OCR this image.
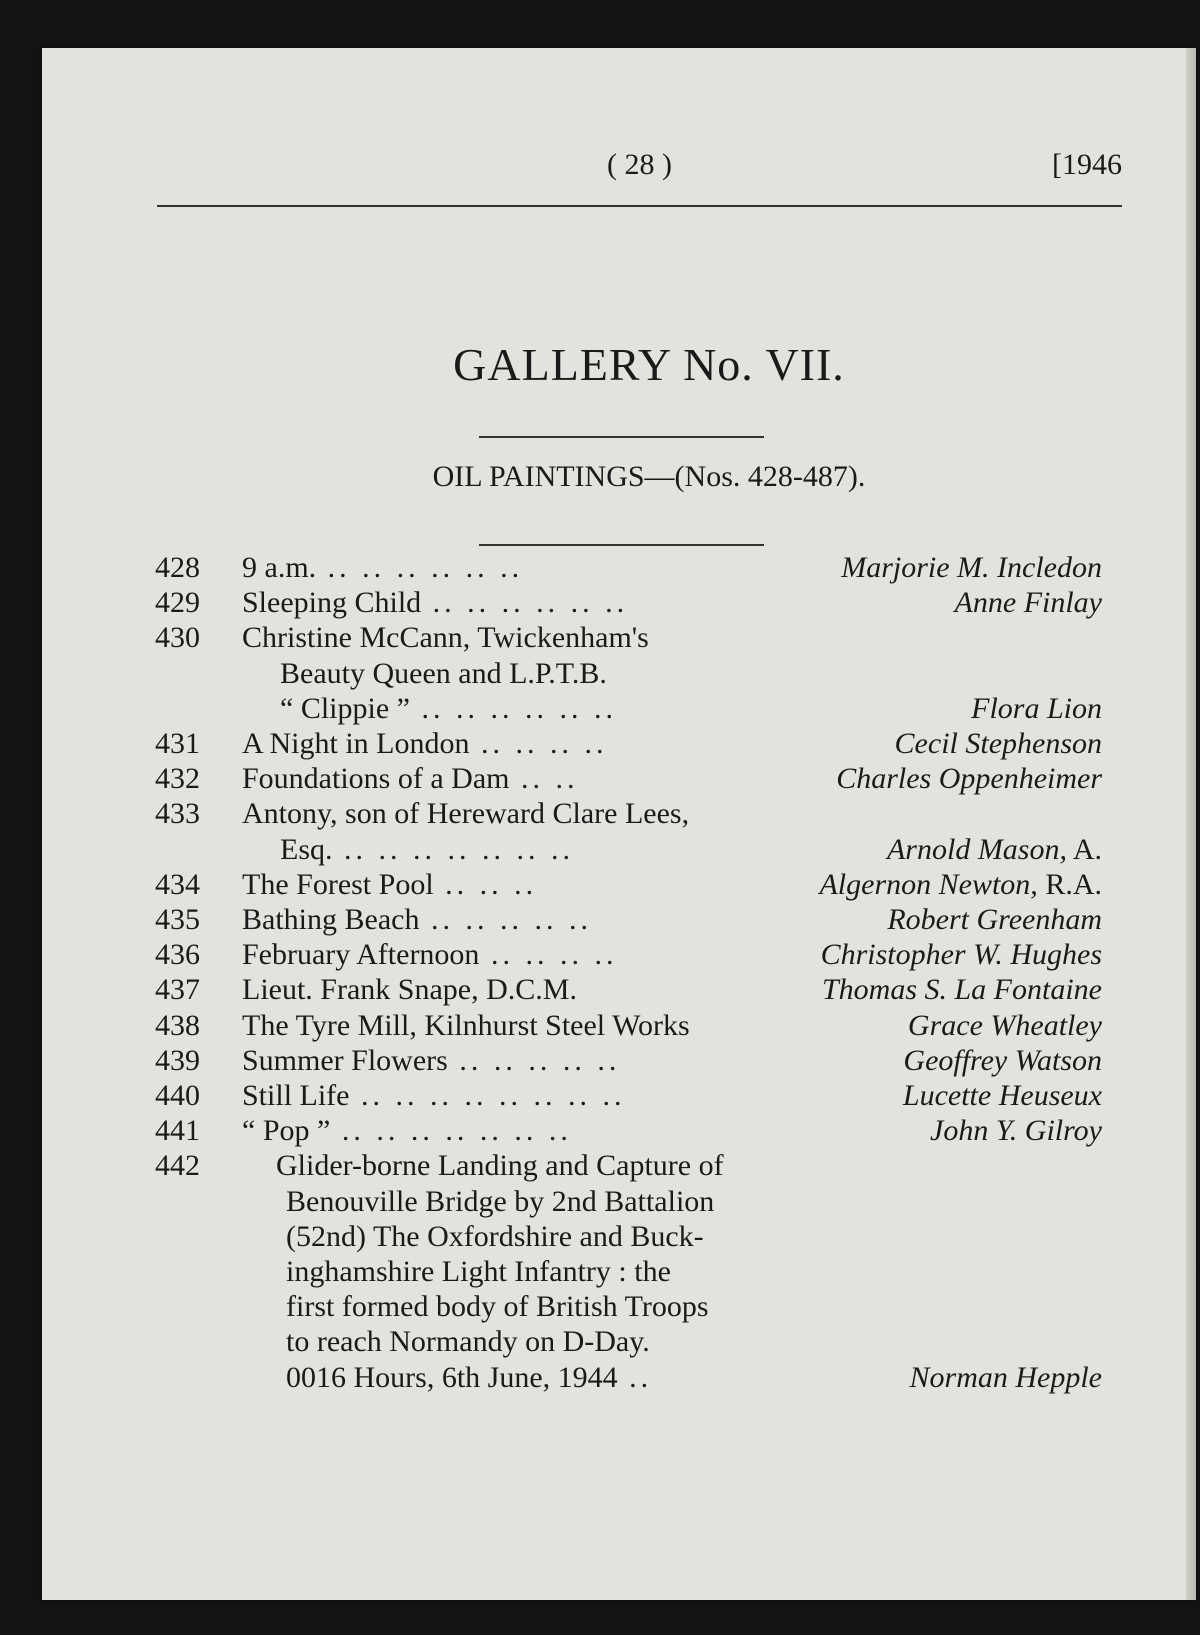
( 28 )	[1946
GALLERY No. VII.
OIL PAINTINGS—(Nos. 428-487).
428 9 a.m. .. .. .. .. .. ..	Marjorie M. Incledon
429 Sleeping Child .. .. .. .. .. ..	Anne Finlay
430 Christine McCann, Twickenham's
Beauty Queen and L.P.T.B.
“ Clippie ” .. .. .. .. .. ..	Flora Lion
431 A Night in London .. .. .. ..	Cecil Stephenson
432 Foundations of a Dam .. ..	Charles Oppenheimer
433 Antony, son of Hereward Clare Lees,
Esq. .. .. .. .. .. .. ..	Arnold Mason, A.
434 The Forest Pool .. .. ..	Algernon Newton, R.A.
435 Bathing Beach .. .. .. .. ..	Robert Greenham
436 February Afternoon .. .. .. ..	Christopher W. Hughes
437 Lieut. Frank Snape, D.C.M.	Thomas S. La Fontaine
438 The Tyre Mill, Kilnhurst Steel Works	Grace Wheatley
439 Summer Flowers .. .. .. .. ..	Geoffrey Watson
440 Still Life .. .. .. .. .. .. .. ..	Lucette Heuseux
441 “ Pop ” .. .. .. .. .. .. ..	John Y. Gilroy
442	Glider-borne Landing and Capture of
Benouville Bridge by 2nd Battalion
(52nd) The Oxfordshire and Buck-
inghamshire Light Infantry : the
first formed body of British Troops
to reach Normandy on D-Day.
0016 Hours, 6th June, 1944 ..	Norman Hepple
